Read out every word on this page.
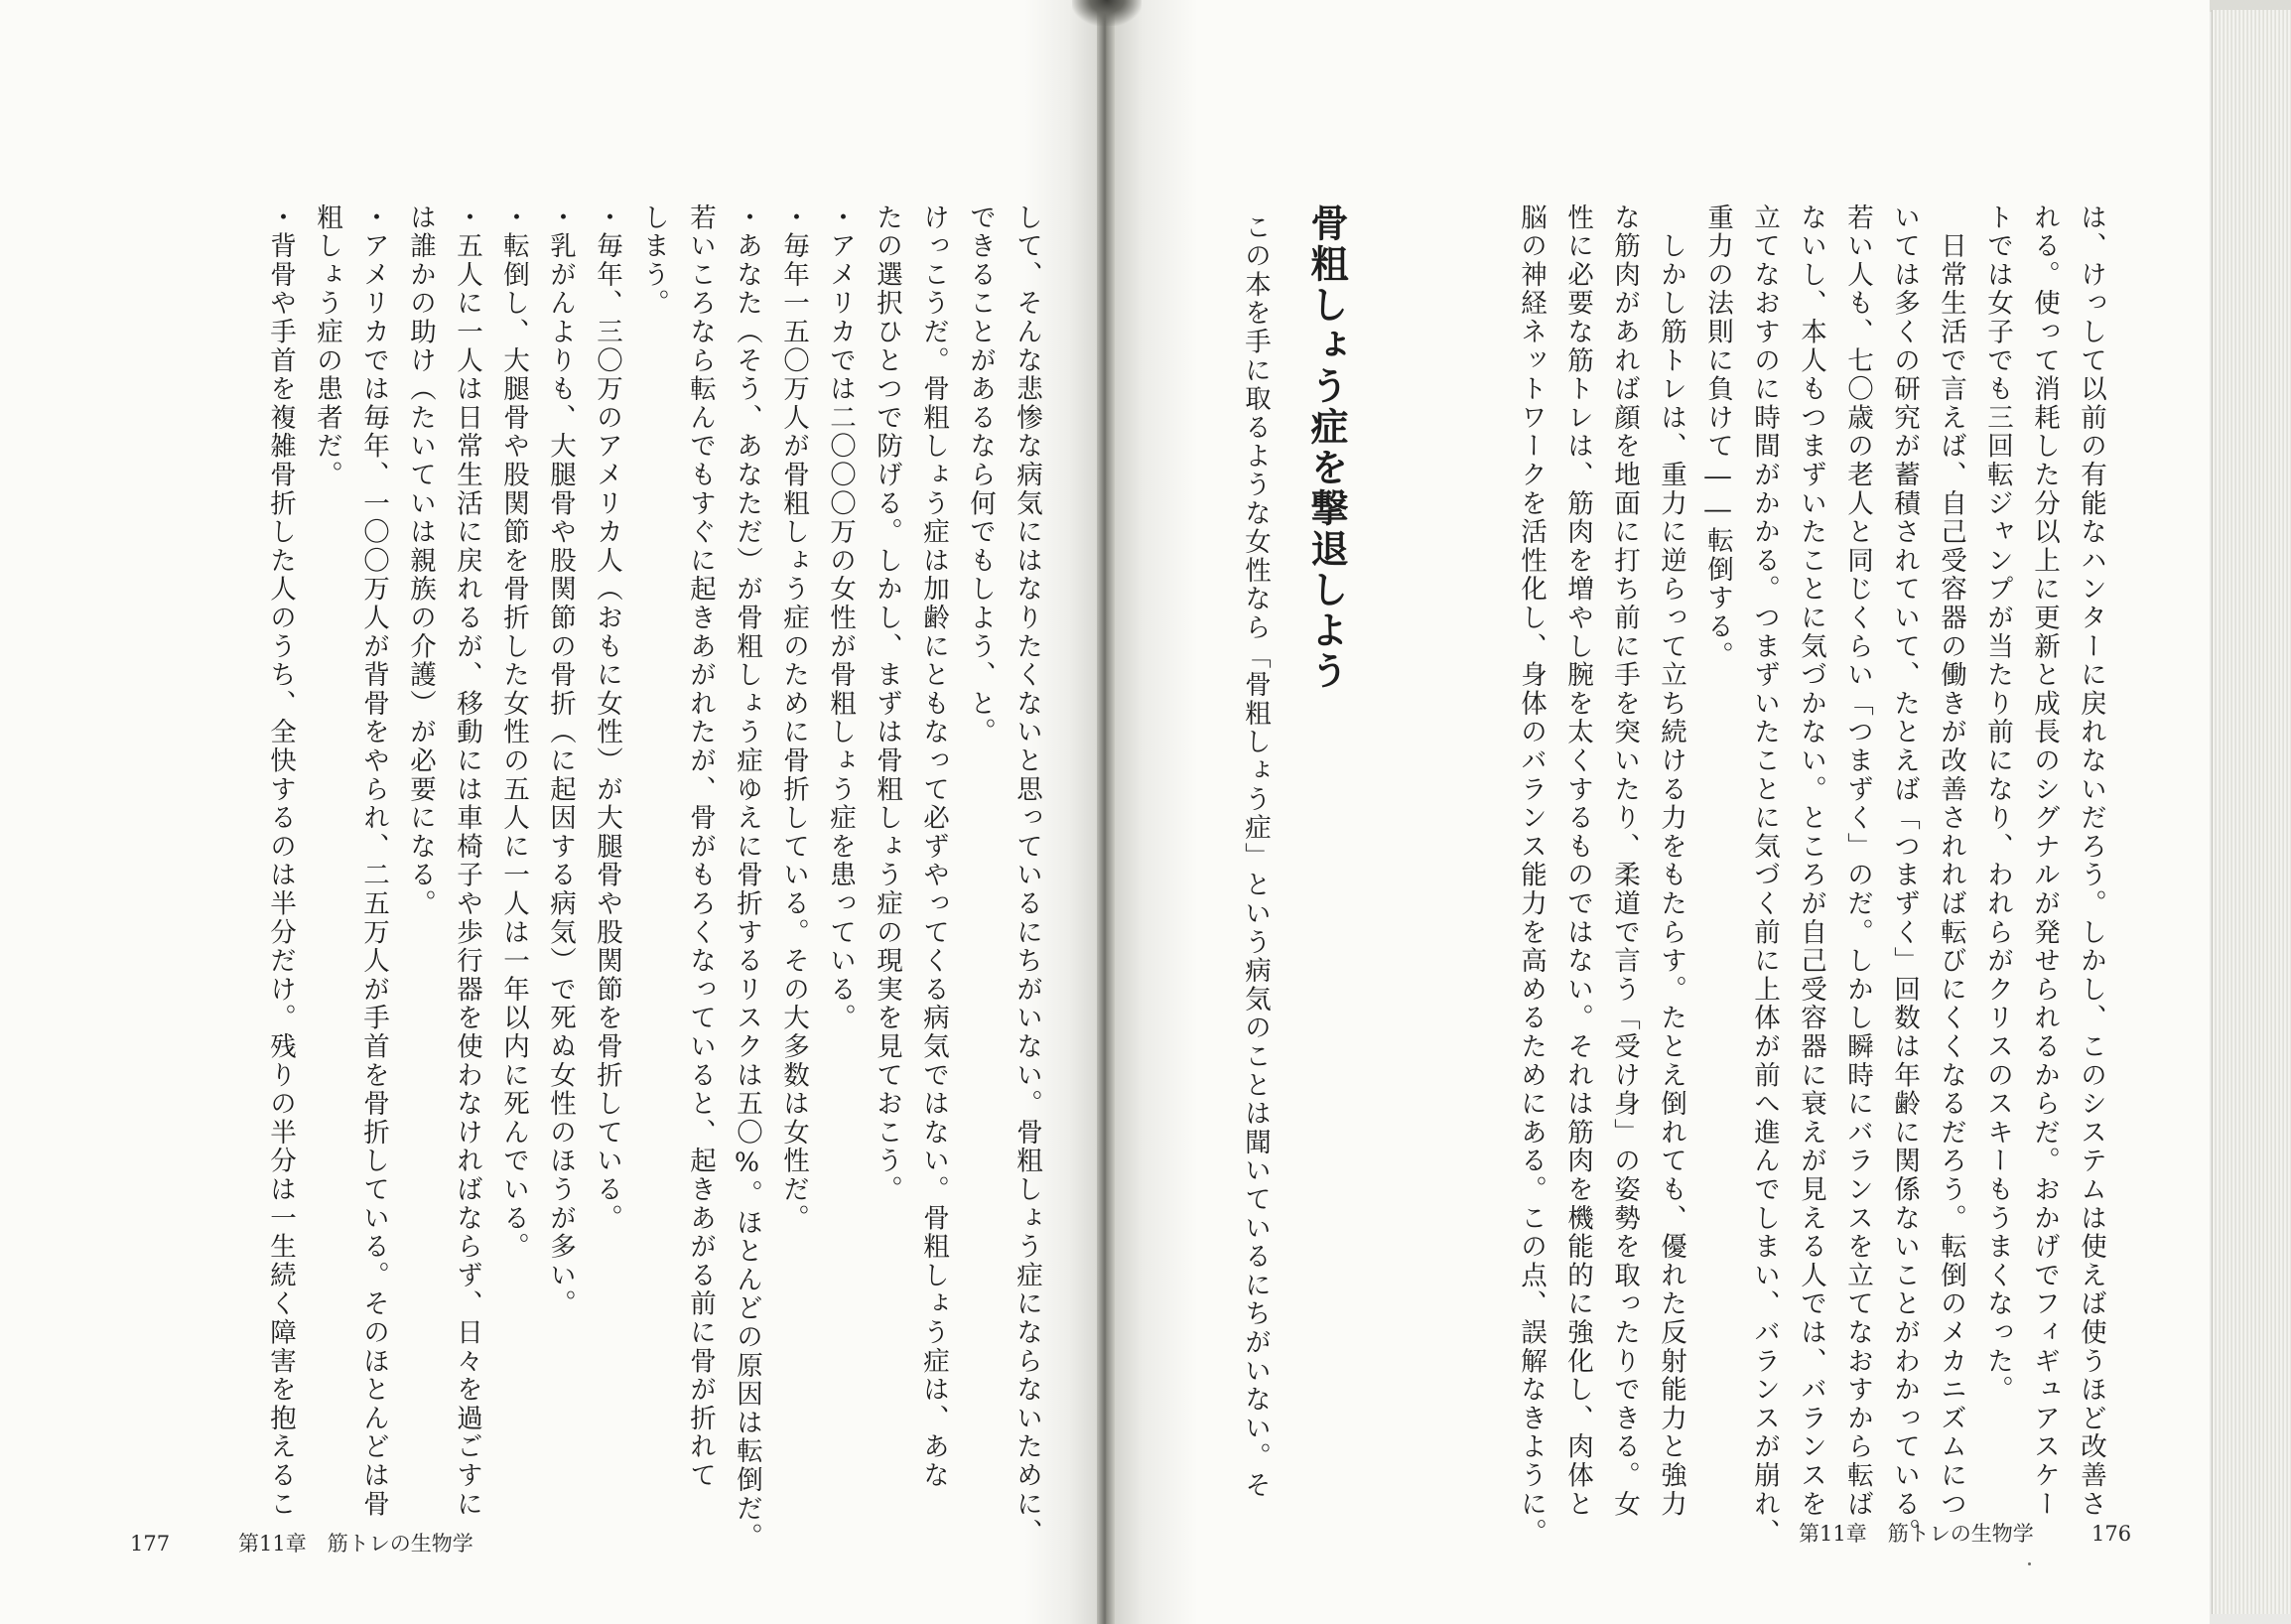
は、けっして以前の有能なハンターに戻れないだろう。しかし、このシステムは使えば使うほど改善さ
れる。使って消耗した分以上に更新と成長のシグナルが発せられるからだ。おかげでフィギュアスケー
トでは女子でも三回転ジャンプが当たり前になり、われらがクリスのスキーもうまくなった。
　日常生活で言えば、自己受容器の働きが改善されれば転びにくくなるだろう。転倒のメカニズムにつ
いては多くの研究が蓄積されていて、たとえば「つまずく」回数は年齢に関係ないことがわかっている。
若い人も、七〇歳の老人と同じくらい「つまずく」のだ。しかし瞬時にバランスを立てなおすから転ば
ないし、本人もつまずいたことに気づかない。ところが自己受容器に衰えが見える人では、バランスを
立てなおすのに時間がかかる。つまずいたことに気づく前に上体が前へ進んでしまい、バランスが崩れ、
重力の法則に負けて――転倒する。
　しかし筋トレは、重力に逆らって立ち続ける力をもたらす。たとえ倒れても、優れた反射能力と強力
な筋肉があれば顔を地面に打ち前に手を突いたり、柔道で言う「受け身」の姿勢を取ったりできる。女
性に必要な筋トレは、筋肉を増やし腕を太くするものではない。それは筋肉を機能的に強化し、肉体と
脳の神経ネットワークを活性化し、身体のバランス能力を高めるためにある。この点、誤解なきように。
骨粗しょう症を撃退しよう
この本を手に取るような女性なら「骨粗しょう症」という病気のことは聞いているにちがいない。そ
して、そんな悲惨な病気にはなりたくないと思っているにちがいない。骨粗しょう症にならないために、
できることがあるなら何でもしよう、と。
けっこうだ。骨粗しょう症は加齢にともなって必ずやってくる病気ではない。骨粗しょう症は、あな
たの選択ひとつで防げる。しかし、まずは骨粗しょう症の現実を見ておこう。
・アメリカでは二〇〇〇万の女性が骨粗しょう症を患っている。
・毎年一五〇万人が骨粗しょう症のために骨折している。その大多数は女性だ。
・あなた（そう、あなただ）が骨粗しょう症ゆえに骨折するリスクは五〇%。ほとんどの原因は転倒だ。
若いころなら転んでもすぐに起きあがれたが、骨がもろくなっていると、起きあがる前に骨が折れて
しまう。
・毎年、三〇万のアメリカ人（おもに女性）が大腿骨や股関節を骨折している。
・乳がんよりも、大腿骨や股関節の骨折（に起因する病気）で死ぬ女性のほうが多い。
・転倒し、大腿骨や股関節を骨折した女性の五人に一人は一年以内に死んでいる。
・五人に一人は日常生活に戻れるが、移動には車椅子や歩行器を使わなければならず、日々を過ごすに
は誰かの助け（たいていは親族の介護）が必要になる。
・アメリカでは毎年、一〇〇万人が背骨をやられ、二五万人が手首を骨折している。そのほとんどは骨
粗しょう症の患者だ。
・背骨や手首を複雑骨折した人のうち、全快するのは半分だけ。残りの半分は一生続く障害を抱えるこ

177	第11章　筋トレの生物学	第11章　筋トレの生物学	176
